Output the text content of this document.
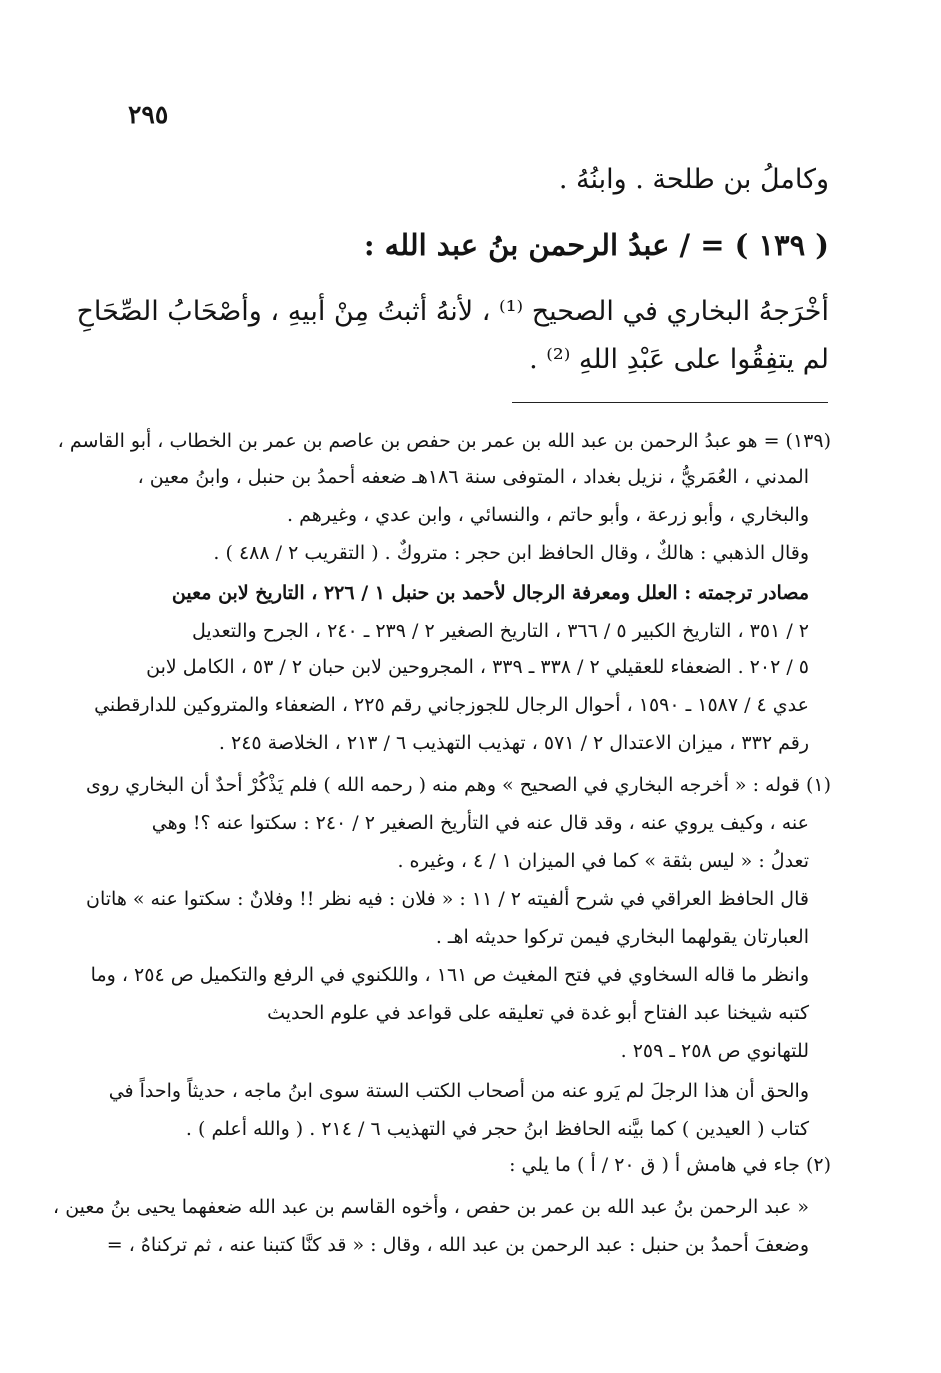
٢٩٥
وكاملُ بن طلحة . وابنُهُ .
( ١٣٩ ) = / عبدُ الرحمن بنُ عبد الله :
أخْرَجهُ البخاري في الصحيح ⁽¹⁾ ، لأنهُ أثبتُ مِنْ أبيهِ ، وأصْحَابُ الصِّحَاحِ
لم يتفِقُوا على عَبْدِ اللهِ ⁽²⁾ .
(١٣٩) = هو عبدُ الرحمن بن عبد الله بن عمر بن حفص بن عاصم بن عمر بن الخطاب ، أبو القاسم ،
المدني ، العُمَريُّ ، نزيل بغداد ، المتوفى سنة ١٨٦هـ ضعفه أحمدُ بن حنبل ، وابنُ معين ،
والبخاري ، وأبو زرعة ، وأبو حاتم ، والنسائي ، وابن عدي ، وغيرهم .
وقال الذهبي : هالكٌ ، وقال الحافظ ابن حجر : متروكٌ . ( التقريب ٢ / ٤٨٨ ) .
مصادر ترجمته : العلل ومعرفة الرجال لأحمد بن حنبل ١ / ٢٢٦ ، التاريخ لابن معين
٢ / ٣٥١ ، التاريخ الكبير ٥ / ٣٦٦ ، التاريخ الصغير ٢ / ٢٣٩ ـ ٢٤٠ ، الجرح والتعديل
٥ / ٢٠٢ . الضعفاء للعقيلي ٢ / ٣٣٨ ـ ٣٣٩ ، المجروحين لابن حبان ٢ / ٥٣ ، الكامل لابن
عدي ٤ / ١٥٨٧ ـ ١٥٩٠ ، أحوال الرجال للجوزجاني رقم ٢٢٥ ، الضعفاء والمتروكين للدارقطني
رقم ٣٣٢ ، ميزان الاعتدال ٢ / ٥٧١ ، تهذيب التهذيب ٦ / ٢١٣ ، الخلاصة ٢٤٥ .
(١) قوله : « أخرجه البخاري في الصحيح » وهم منه ( رحمه الله ) فلم يَذْكُرْ أحدٌ أن البخاري روى
عنه ، وكيف يروي عنه ، وقد قال عنه في التأريخ الصغير ٢ / ٢٤٠ : سكتوا عنه ؟! وهي
تعدلُ : « ليس بثقة » كما في الميزان ١ / ٤ ، وغيره .
قال الحافظ العراقي في شرح ألفيته ٢ / ١١ : « فلان : فيه نظر !! وفلانٌ : سكتوا عنه » هاتان
العبارتان يقولهما البخاري فيمن تركوا حديثه اهـ .
وانظر ما قاله السخاوي في فتح المغيث ص ١٦١ ، واللكنوي في الرفع والتكميل ص ٢٥٤ ، وما
كتبه شيخنا عبد الفتاح أبو غدة في تعليقه على قواعد في علوم الحديث
للتهانوي ص ٢٥٨ ـ ٢٥٩ .
والحق أن هذا الرجلَ لم يَرو عنه من أصحاب الكتب الستة سوى ابنُ ماجه ، حديثاً واحداً في
كتاب ( العيدين ) كما بيَّنه الحافظ ابنُ حجر في التهذيب ٦ / ٢١٤ . ( والله أعلم ) .
(٢) جاء في هامش أ ( ق ٢٠ / أ ) ما يلي :
« عبد الرحمن بنُ عبد الله بن عمر بن حفص ، وأخوه القاسم بن عبد الله ضعفهما يحيى بنُ معين ،
وضعفَ أحمدُ بن حنبل : عبد الرحمن بن عبد الله ، وقال : « قد كنَّا كتبنا عنه ، ثم تركناهُ ، =
